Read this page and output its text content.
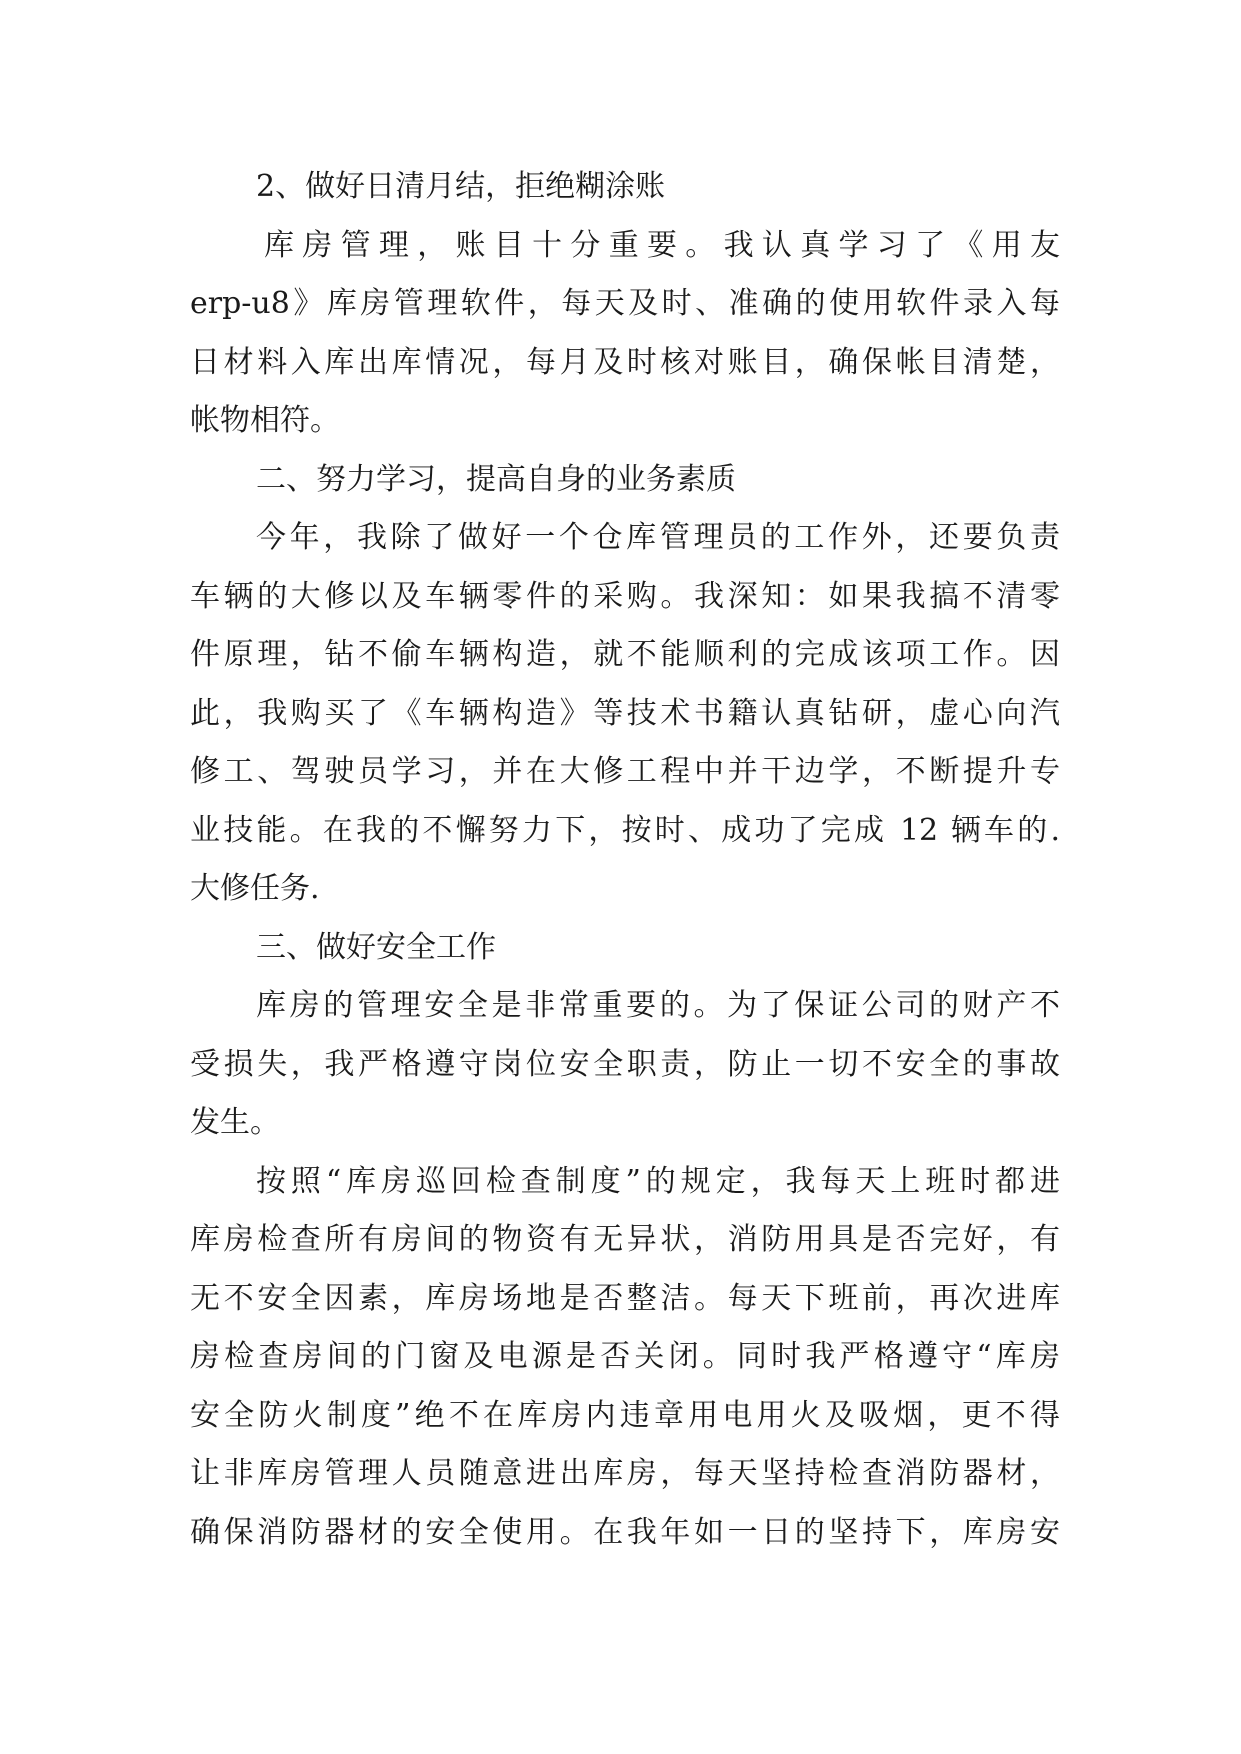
2、做好日清月结，拒绝糊涂账
库房管理，账目十分重要。我认真学习了《用友
erp-u8》库房管理软件，每天及时、准确的使用软件录入每
日材料入库出库情况，每月及时核对账目，确保帐目清楚，
帐物相符。
二、努力学习，提高自身的业务素质
今年，我除了做好一个仓库管理员的工作外，还要负责
车辆的大修以及车辆零件的采购。我深知：如果我搞不清零
件原理，钻不偷车辆构造，就不能顺利的完成该项工作。因
此，我购买了《车辆构造》等技术书籍认真钻研，虚心向汽
修工、驾驶员学习，并在大修工程中并干边学，不断提升专
业技能。在我的不懈努力下，按时、成功了完成 12 辆车的.
大修任务.
三、做好安全工作
库房的管理安全是非常重要的。为了保证公司的财产不
受损失，我严格遵守岗位安全职责，防止一切不安全的事故
发生。
按照“库房巡回检查制度”的规定，我每天上班时都进
库房检查所有房间的物资有无异状，消防用具是否完好，有
无不安全因素，库房场地是否整洁。每天下班前，再次进库
房检查房间的门窗及电源是否关闭。同时我严格遵守“库房
安全防火制度”绝不在库房内违章用电用火及吸烟，更不得
让非库房管理人员随意进出库房，每天坚持检查消防器材，
确保消防器材的安全使用。在我年如一日的坚持下，库房安
